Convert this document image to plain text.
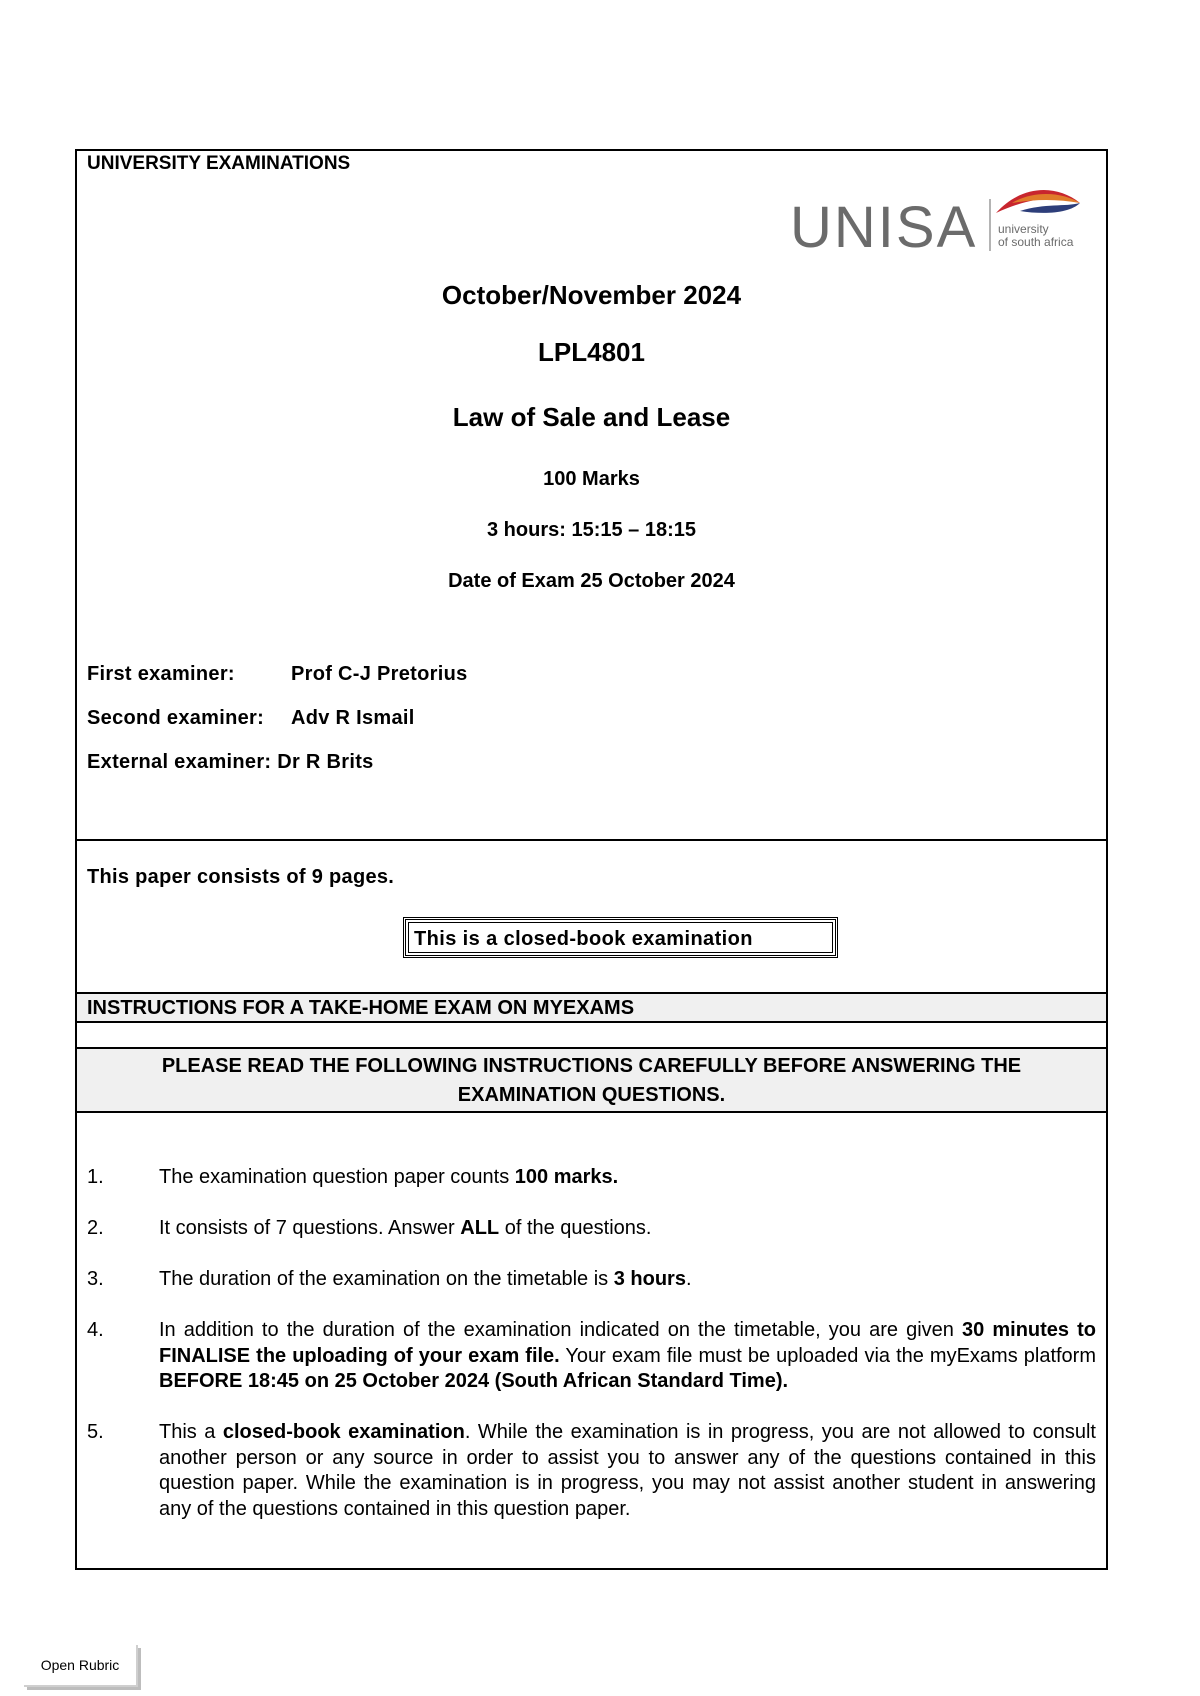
UNIVERSITY EXAMINATIONS
UNISA university
of south africa
October/November 2024
LPL4801
Law of Sale and Lease
100 Marks
3 hours: 15:15 – 18:15
Date of Exam 25 October 2024
First examiner:	Prof C-J Pretorius
Second examiner: Adv R Ismail
External examiner: Dr R Brits
This paper consists of 9 pages.
This is a closed-book examination
INSTRUCTIONS FOR A TAKE-HOME EXAM ON MYEXAMS
PLEASE READ THE FOLLOWING INSTRUCTIONS CAREFULLY BEFORE ANSWERING THE
EXAMINATION QUESTIONS.
1.	The examination question paper counts 100 marks.
2.	It consists of 7 questions. Answer ALL of the questions.
3.	The duration of the examination on the timetable is 3 hours.
4.	In addition to the duration of the examination indicated on the timetable, you are given 30 minutes to FINALISE the uploading of your exam file. Your exam file must be uploaded via the myExams platform BEFORE 18:45 on 25 October 2024 (South African Standard Time).
5.	This a closed-book examination. While the examination is in progress, you are not allowed to consult another person or any source in order to assist you to answer any of the questions contained in this question paper. While the examination is in progress, you may not assist another student in answering any of the questions contained in this question paper.
Open Rubric
